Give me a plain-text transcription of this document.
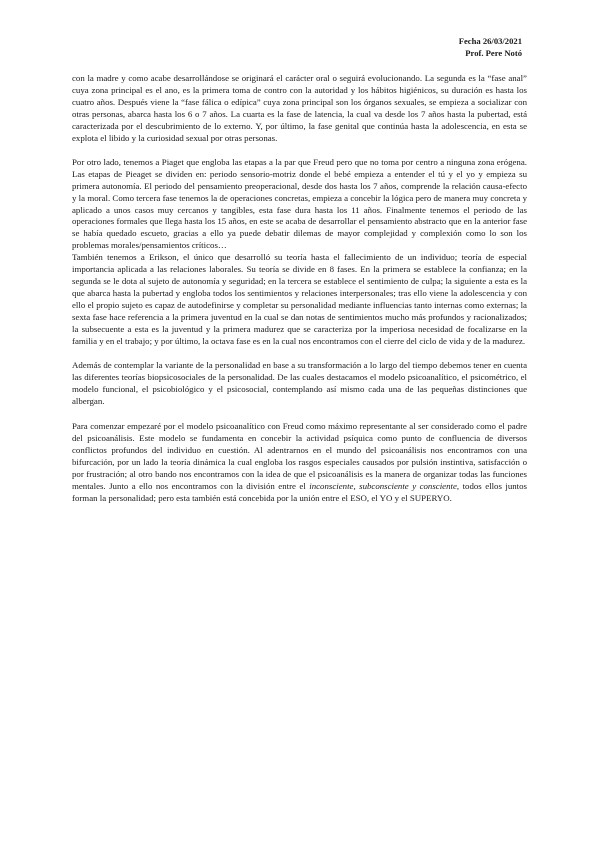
Fecha 26/03/2021
Prof. Pere Notó

con la madre y como acabe desarrollándose se originará el carácter oral o seguirá evolucionando. La segunda es la “fase anal” cuya zona principal es el ano, es la primera toma de contro con la autoridad y los hábitos higiénicos, su duración es hasta los cuatro años. Después viene la “fase fálica o edípica” cuya zona principal son los órganos sexuales, se empieza a socializar con otras personas, abarca hasta los 6 o 7 años. La cuarta es la fase de latencia, la cual va desde los 7 años hasta la pubertad, está caracterizada por el descubrimiento de lo externo. Y, por último, la fase genital que continúa hasta la adolescencia, en esta se explota el libido y la curiosidad sexual por otras personas.

Por otro lado, tenemos a Piaget que engloba las etapas a la par que Freud pero que no toma por centro a ninguna zona erógena. Las etapas de Pieaget se dividen en: periodo sensorio-motriz donde el bebé empieza a entender el tú y el yo y empieza su primera autonomía. El periodo del pensamiento preoperacional, desde dos hasta los 7 años, comprende la relación causa-efecto y la moral. Como tercera fase tenemos la de operaciones concretas, empieza a concebir la lógica pero de manera muy concreta y aplicado a unos casos muy cercanos y tangibles, esta fase dura hasta los 11 años. Finalmente tenemos el periodo de las operaciones formales que llega hasta los 15 años, en este se acaba de desarrollar el pensamiento abstracto que en la anterior fase se había quedado escueto, gracias a ello ya puede debatir dilemas de mayor complejidad y complexión como lo son los problemas morales/pensamientos críticos…

También tenemos a Erikson, el único que desarrolló su teoría hasta el fallecimiento de un individuo; teoría de especial importancia aplicada a las relaciones laborales. Su teoría se divide en 8 fases. En la primera se establece la confianza; en la segunda se le dota al sujeto de autonomía y seguridad; en la tercera se establece el sentimiento de culpa; la siguiente a esta es la que abarca hasta la pubertad y engloba todos los sentimientos y relaciones interpersonales; tras ello viene la adolescencia y con ello el propio sujeto es capaz de autodefinirse y completar su personalidad mediante influencias tanto internas como externas; la sexta fase hace referencia a la primera juventud en la cual se dan notas de sentimientos mucho más profundos y racionalizados; la subsecuente a esta es la juventud y la primera madurez que se caracteriza por la imperiosa necesidad de focalizarse en la familia y en el trabajo; y por último, la octava fase es en la cual nos encontramos con el cierre del ciclo de vida y de la madurez.

Además de contemplar la variante de la personalidad en base a su transformación a lo largo del tiempo debemos tener en cuenta las diferentes teorías biopsicosociales de la personalidad. De las cuales destacamos el modelo psicoanalítico, el psicométrico, el modelo funcional, el psicobiológico y el psicosocial, contemplando así mismo cada una de las pequeñas distinciones que albergan.

Para comenzar empezaré por el modelo psicoanalítico con Freud como máximo representante al ser considerado como el padre del psicoanálisis. Este modelo se fundamenta en concebir la actividad psíquica como punto de confluencia de diversos conflictos profundos del individuo en cuestión. Al adentrarnos en el mundo del psicoanálisis nos encontramos con una bifurcación, por un lado la teoría dinámica la cual engloba los rasgos especiales causados por pulsión instintiva, satisfacción o por frustración; al otro bando nos encontramos con la idea de que el psicoanálisis es la manera de organizar todas las funciones mentales. Junto a ello nos encontramos con la división entre el inconsciente, subconsciente y consciente, todos ellos juntos forman la personalidad; pero esta también está concebida por la unión entre el ESO, el YO y el SUPERYO.
